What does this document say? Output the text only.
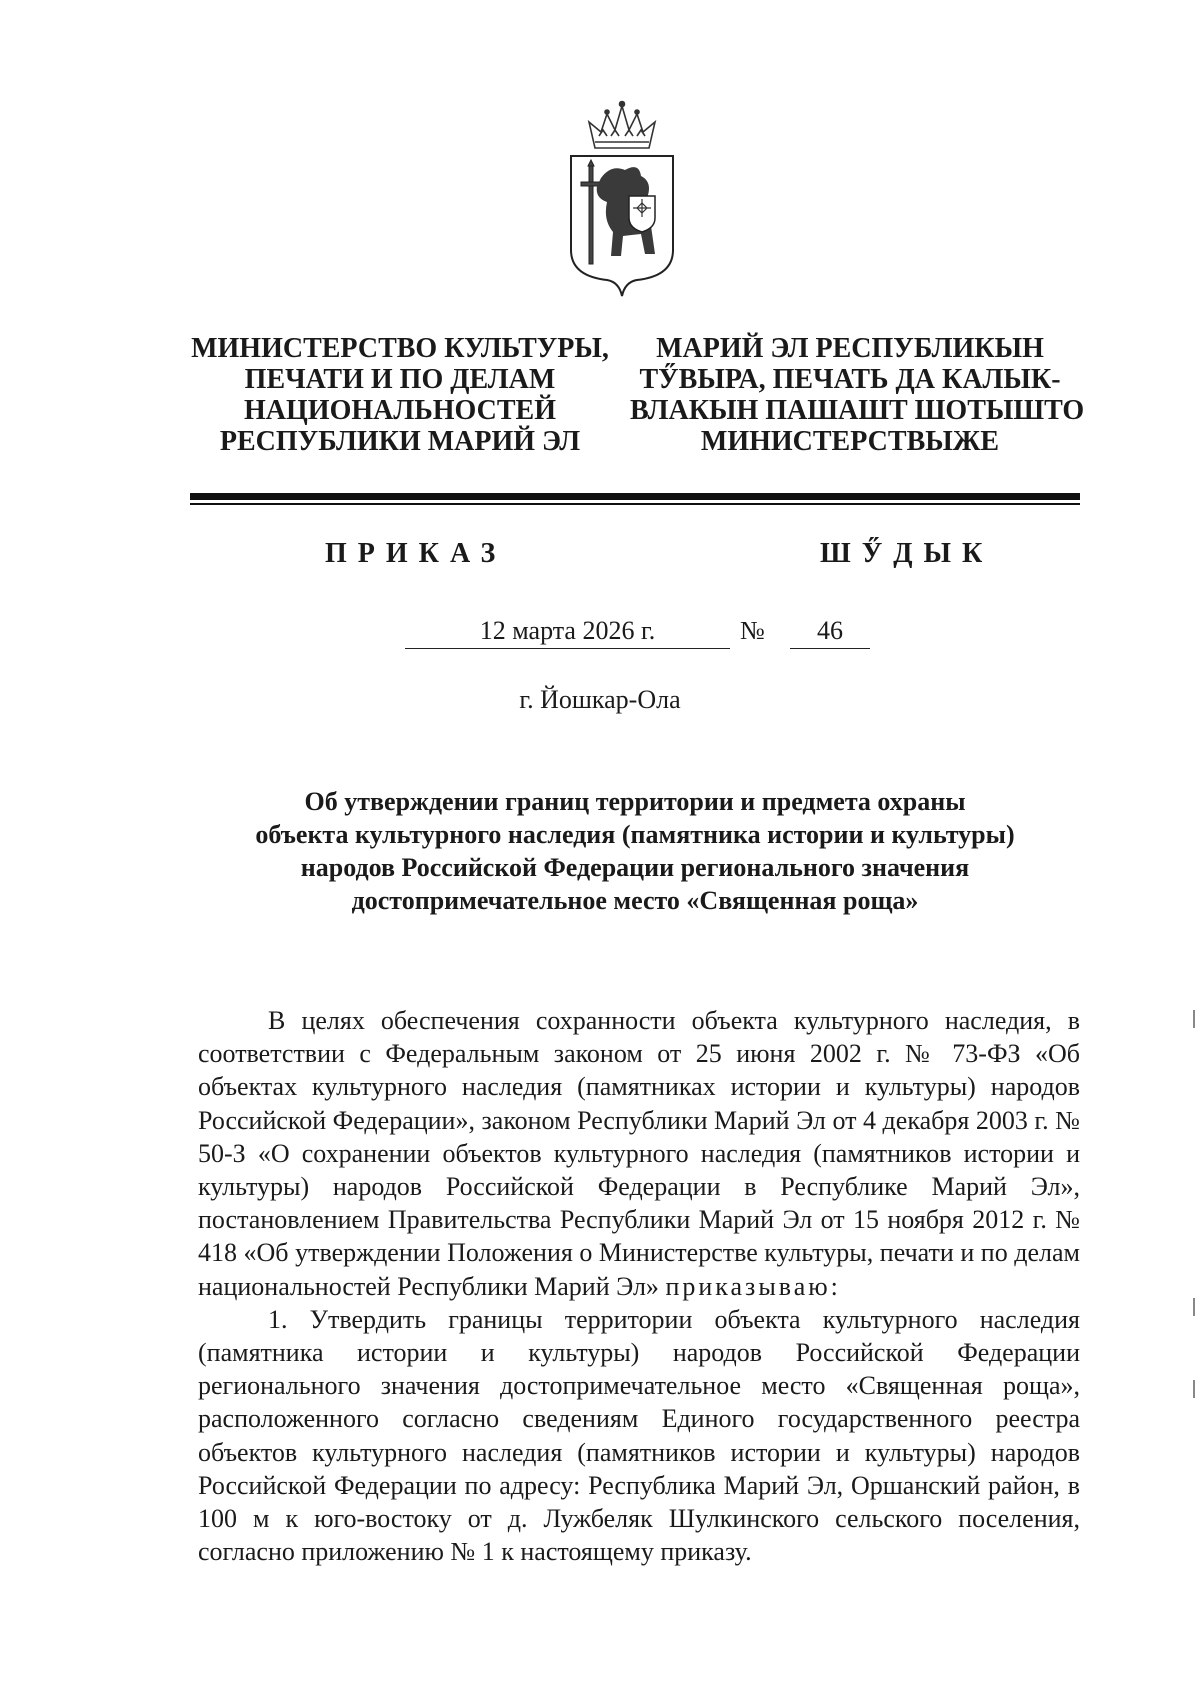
МИНИСТЕРСТВО КУЛЬТУРЫ,
ПЕЧАТИ И ПО ДЕЛАМ
НАЦИОНАЛЬНОСТЕЙ
РЕСПУБЛИКИ МАРИЙ ЭЛ
МАРИЙ ЭЛ РЕСПУБЛИКЫН
ТӲВЫРА, ПЕЧАТЬ ДА КАЛЫК-
ВЛАКЫН ПАШАШТ ШОТЫШТО
МИНИСТЕРСТВЫЖЕ
ПРИКАЗ	ШӲДЫК
12 марта 2026 г.	№	46
г. Йошкар-Ола
Об утверждении границ территории и предмета охраны
объекта культурного наследия (памятника истории и культуры)
народов Российской Федерации регионального значения
достопримечательное место «Священная роща»

В целях обеспечения сохранности объекта культурного наследия, в соответствии с Федеральным законом от 25 июня 2002 г. № 73-ФЗ «Об объектах культурного наследия (памятниках истории и культуры) народов Российской Федерации», законом Республики Марий Эл от 4 декабря 2003 г. № 50-З «О сохранении объектов культурного наследия (памятников истории и культуры) народов Российской Федерации в Республике Марий Эл», постановлением Правительства Республики Марий Эл от 15 ноября 2012 г. № 418 «Об утверждении Положения о Министерстве культуры, печати и по делам национальностей Республики Марий Эл» приказываю:

1. Утвердить границы территории объекта культурного наследия (памятника истории и культуры) народов Российской Федерации регионального значения достопримечательное место «Священная роща», расположенного согласно сведениям Единого государственного реестра объектов культурного наследия (памятников истории и культуры) народов Российской Федерации по адресу: Республика Марий Эл, Оршанский район, в 100 м к юго-востоку от д. Лужбеляк Шулкинского сельского поселения, согласно приложению № 1 к настоящему приказу.
